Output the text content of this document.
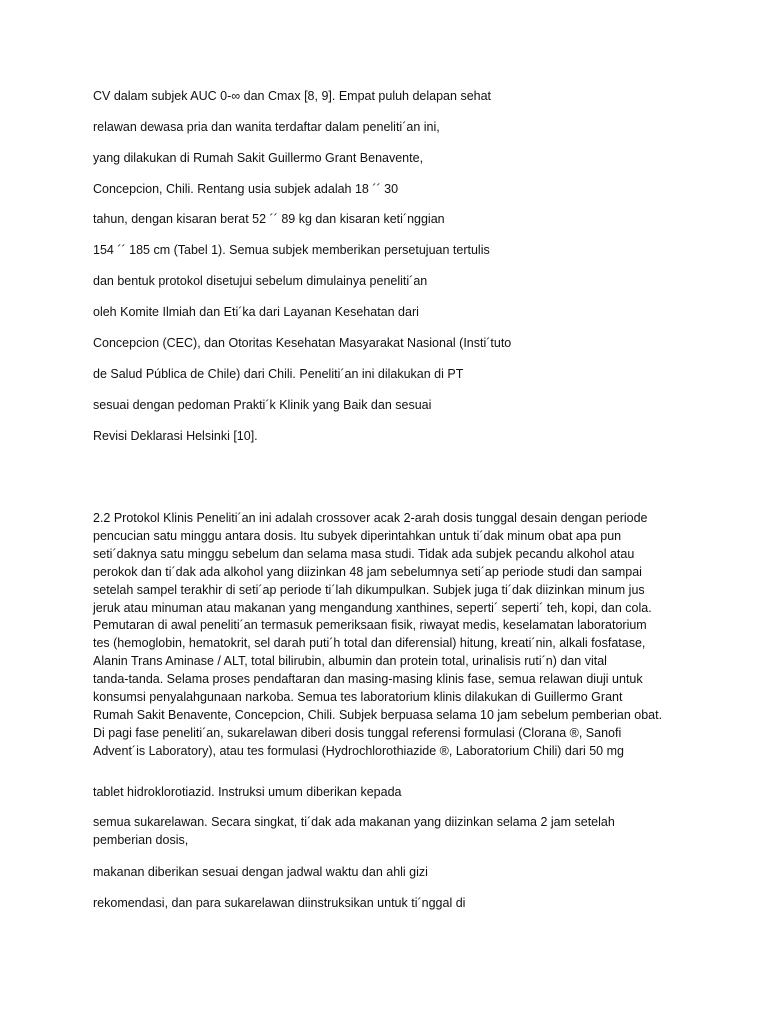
CV dalam subjek AUC 0-∞ dan Cmax [8, 9]. Empat puluh delapan sehat

relawan dewasa pria dan wanita terdaftar dalam peneliti´an ini,

yang dilakukan di Rumah Sakit Guillermo Grant Benavente,

Concepcion, Chili. Rentang usia subjek adalah 18 ´´ 30

tahun, dengan kisaran berat 52 ´´ 89 kg dan kisaran keti´nggian

154 ´´ 185 cm (Tabel 1). Semua subjek memberikan persetujuan tertulis

dan bentuk protokol disetujui sebelum dimulainya peneliti´an

oleh Komite Ilmiah dan Eti´ka dari Layanan Kesehatan dari

Concepcion (CEC), dan Otoritas Kesehatan Masyarakat Nasional (Insti´tuto

de Salud Pública de Chile) dari Chili. Peneliti´an ini dilakukan di PT

sesuai dengan pedoman Prakti´k Klinik yang Baik dan sesuai

Revisi Deklarasi Helsinki [10].

2.2 Protokol Klinis Peneliti´an ini adalah crossover acak 2-arah dosis tunggal desain dengan periode
pencucian satu minggu antara dosis. Itu subyek diperintahkan untuk ti´dak minum obat apa pun
seti´daknya satu minggu sebelum dan selama masa studi. Tidak ada subjek pecandu alkohol atau
perokok dan ti´dak ada alkohol yang diizinkan 48 jam sebelumnya seti´ap periode studi dan sampai
setelah sampel terakhir di seti´ap periode ti´lah dikumpulkan. Subjek juga ti´dak diizinkan minum jus
jeruk atau minuman atau makanan yang mengandung xanthines, seperti´ seperti´ teh, kopi, dan cola.
Pemutaran di awal peneliti´an termasuk pemeriksaan fisik, riwayat medis, keselamatan laboratorium
tes (hemoglobin, hematokrit, sel darah puti´h total dan diferensial) hitung, kreati´nin, alkali fosfatase,
Alanin Trans Aminase / ALT, total bilirubin, albumin dan protein total, urinalisis ruti´n) dan vital
tanda-tanda. Selama proses pendaftaran dan masing-masing klinis fase, semua relawan diuji untuk
konsumsi penyalahgunaan narkoba. Semua tes laboratorium klinis dilakukan di Guillermo Grant
Rumah Sakit Benavente, Concepcion, Chili. Subjek berpuasa selama 10 jam sebelum pemberian obat.
Di pagi fase peneliti´an, sukarelawan diberi dosis tunggal referensi formulasi (Clorana ®, Sanofi
Advent´is Laboratory), atau tes formulasi (Hydrochlorothiazide ®, Laboratorium Chili) dari 50 mg

tablet hidroklorotiazid. Instruksi umum diberikan kepada

semua sukarelawan. Secara singkat, ti´dak ada makanan yang diizinkan selama 2 jam setelah

pemberian dosis,

makanan diberikan sesuai dengan jadwal waktu dan ahli gizi

rekomendasi, dan para sukarelawan diinstruksikan untuk ti´nggal di
